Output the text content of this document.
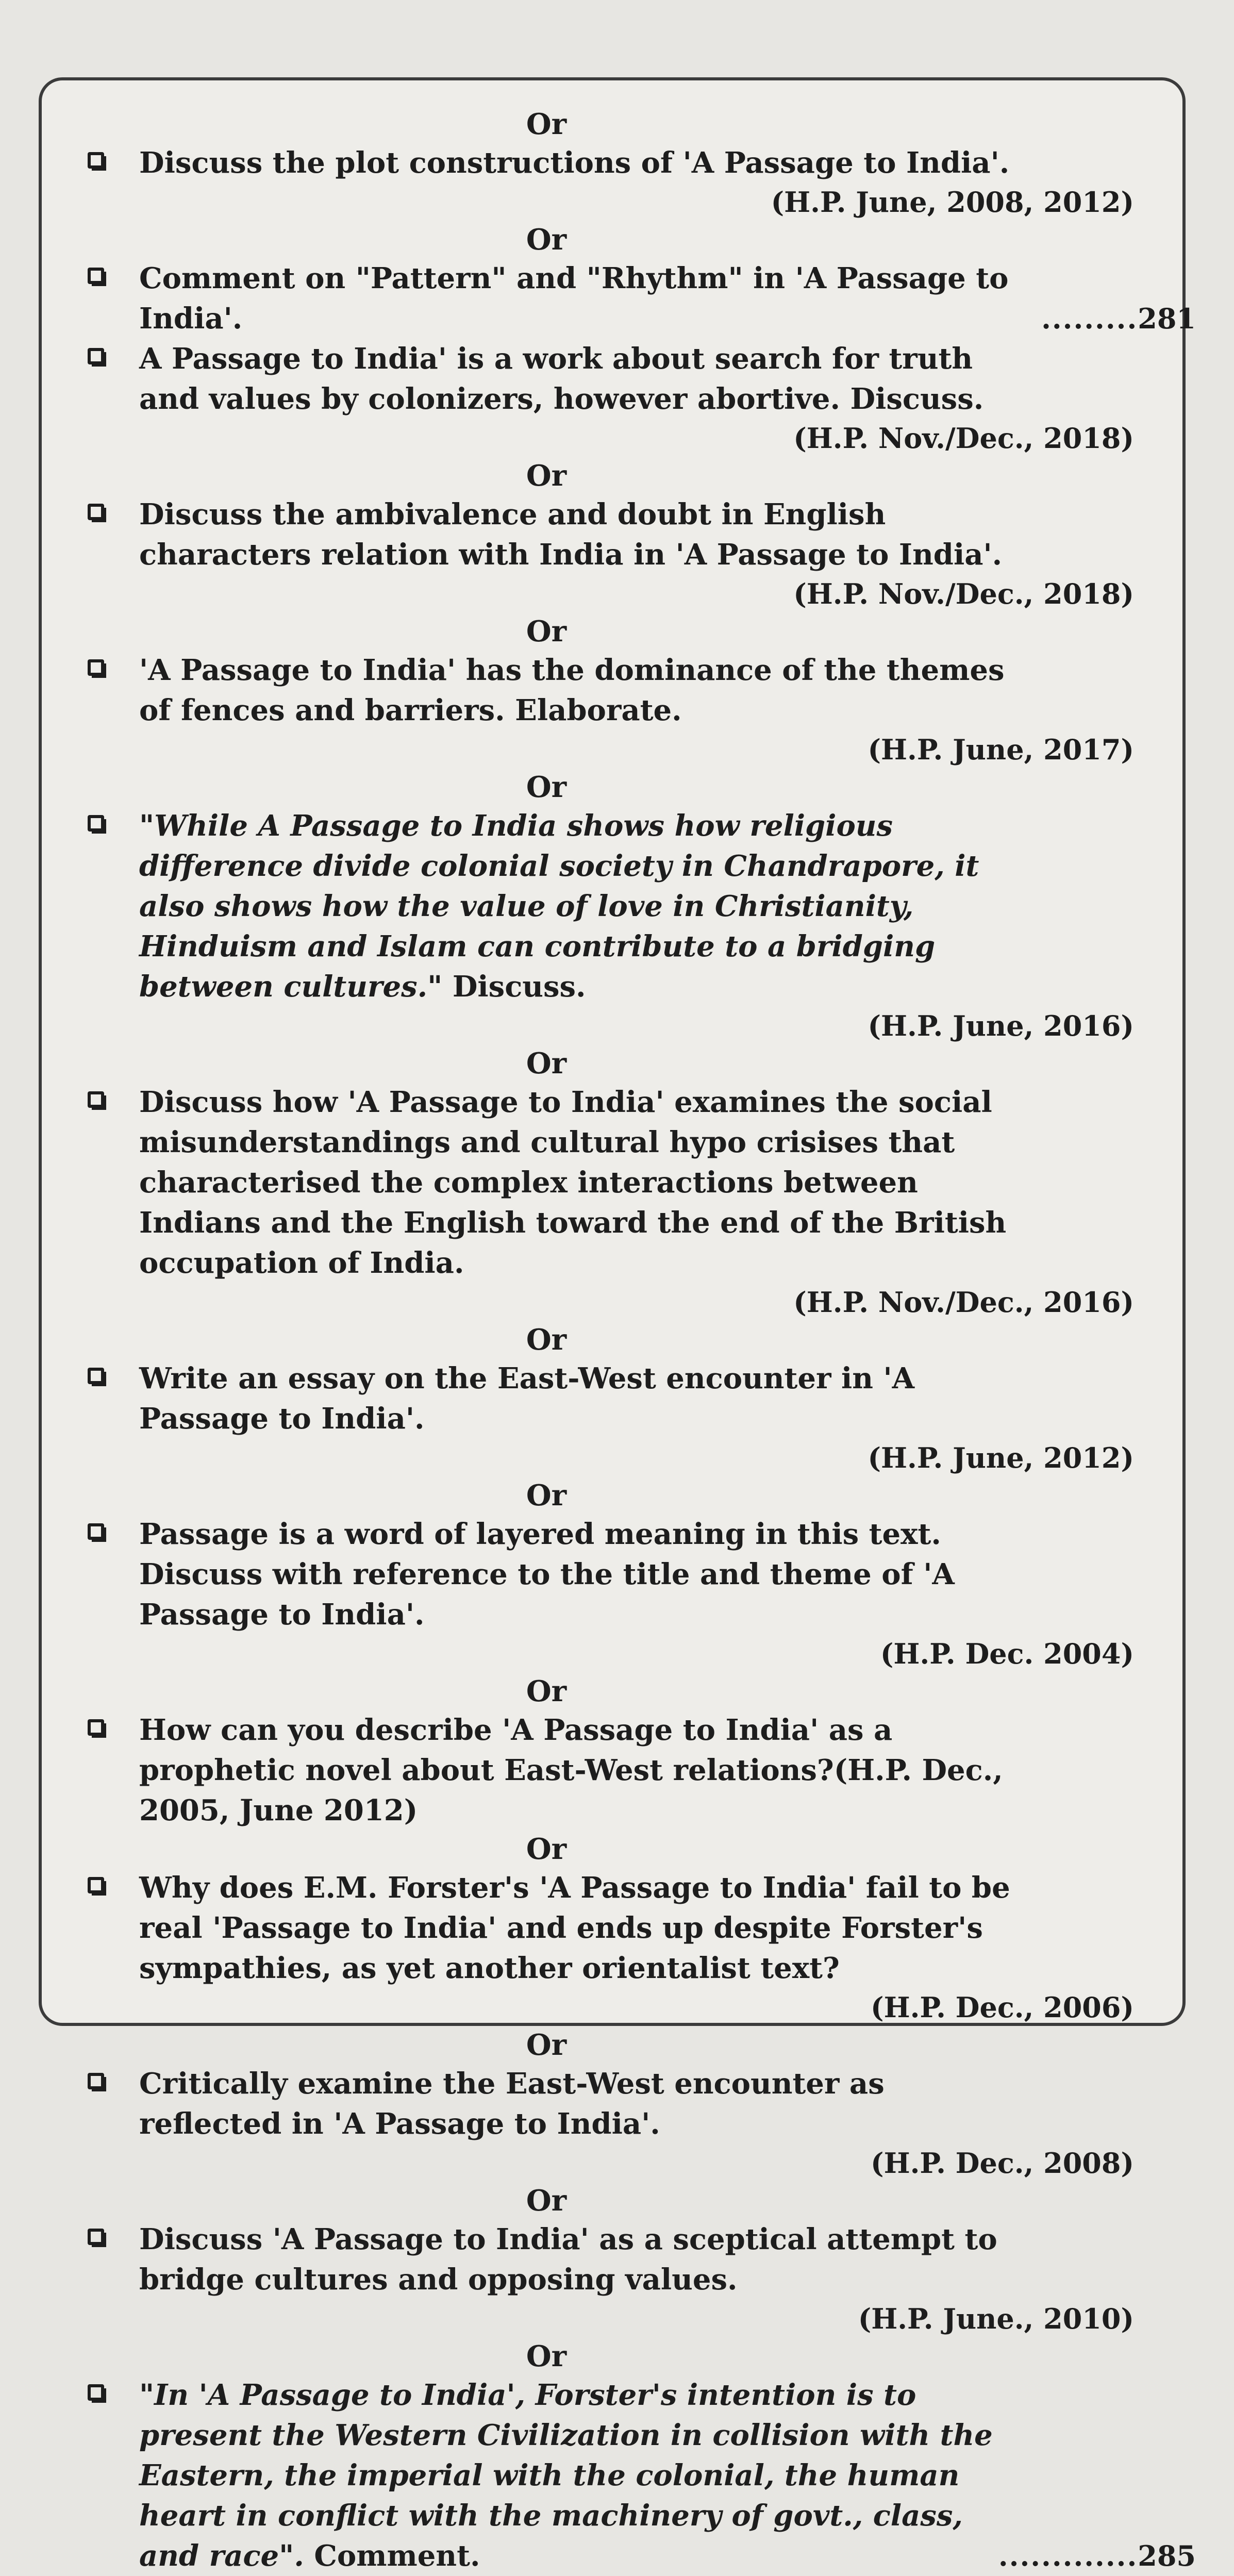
Or
Discuss the plot constructions of 'A Passage to India'.
(H.P. June, 2008, 2012)
Or
Comment on "Pattern" and "Rhythm" in 'A Passage to India'.	.........281
A Passage to India' is a work about search for truth and values by colonizers, however abortive. Discuss.
(H.P. Nov./Dec., 2018)
Or
Discuss the ambivalence and doubt in English characters relation with India in 'A Passage to India'.
(H.P. Nov./Dec., 2018)
Or
'A Passage to India' has the dominance of the themes of fences and barriers. Elaborate.
(H.P. June, 2017)
Or
"While A Passage to India shows how religious difference divide colonial society in Chandrapore, it also shows how the value of love in Christianity, Hinduism and Islam can contribute to a bridging between cultures." Discuss.
(H.P. June, 2016)
Or
Discuss how 'A Passage to India' examines the social misunderstandings and cultural hypo crisises that characterised the complex interactions between Indians and the English toward the end of the British occupation of India.
(H.P. Nov./Dec., 2016)
Or
Write an essay on the East-West encounter in 'A Passage to India'.
(H.P. June, 2012)
Or
Passage is a word of layered meaning in this text. Discuss with reference to the title and theme of 'A Passage to India'.
(H.P. Dec. 2004)
Or
How can you describe 'A Passage to India' as a prophetic novel about East-West relations?(H.P. Dec., 2005, June 2012)
Or
Why does E.M. Forster's 'A Passage to India' fail to be real 'Passage to India' and ends up despite Forster's sympathies, as yet another orientalist text?
(H.P. Dec., 2006)
Or
Critically examine the East-West encounter as reflected in 'A Passage to India'.
(H.P. Dec., 2008)
Or
Discuss 'A Passage to India' as a sceptical attempt to bridge cultures and opposing values.
(H.P. June., 2010)
Or
"In 'A Passage to India', Forster's intention is to present the Western Civilization in collision with the Eastern, the imperial with the colonial, the human heart in conflict with the machinery of govt., class, and race". Comment.	.............285
